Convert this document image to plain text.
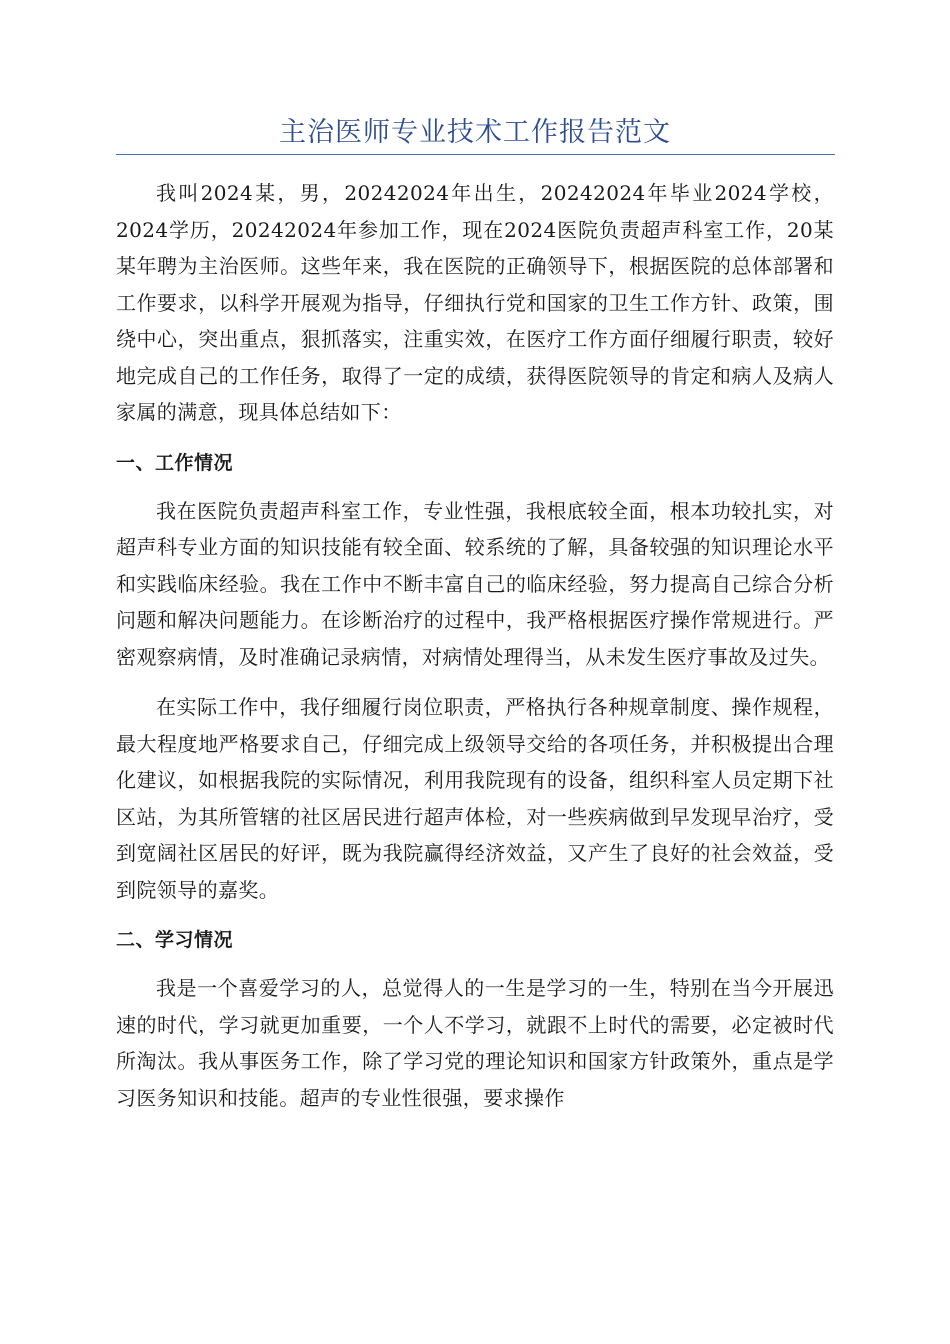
主治医师专业技术工作报告范文

我叫2024某，男，20242024年出生，20242024年毕业2024学校，2024学历，20242024年参加工作，现在2024医院负责超声科室工作，20某某年聘为主治医师。这些年来，我在医院的正确领导下，根据医院的总体部署和工作要求，以科学开展观为指导，仔细执行党和国家的卫生工作方针、政策，围绕中心，突出重点，狠抓落实，注重实效，在医疗工作方面仔细履行职责，较好地完成自己的工作任务，取得了一定的成绩，获得医院领导的肯定和病人及病人家属的满意，现具体总结如下：

一、工作情况

我在医院负责超声科室工作，专业性强，我根底较全面，根本功较扎实，对超声科专业方面的知识技能有较全面、较系统的了解，具备较强的知识理论水平和实践临床经验。我在工作中不断丰富自己的临床经验，努力提高自己综合分析问题和解决问题能力。在诊断治疗的过程中，我严格根据医疗操作常规进行。严密观察病情，及时准确记录病情，对病情处理得当，从未发生医疗事故及过失。

在实际工作中，我仔细履行岗位职责，严格执行各种规章制度、操作规程，最大程度地严格要求自己，仔细完成上级领导交给的各项任务，并积极提出合理化建议，如根据我院的实际情况，利用我院现有的设备，组织科室人员定期下社区站，为其所管辖的社区居民进行超声体检，对一些疾病做到早发现早治疗，受到宽阔社区居民的好评，既为我院赢得经济效益，又产生了良好的社会效益，受到院领导的嘉奖。

二、学习情况

我是一个喜爱学习的人，总觉得人的一生是学习的一生，特别在当今开展迅速的时代，学习就更加重要，一个人不学习，就跟不上时代的需要，必定被时代所淘汰。我从事医务工作，除了学习党的理论知识和国家方针政策外，重点是学习医务知识和技能。超声的专业性很强，要求操作
